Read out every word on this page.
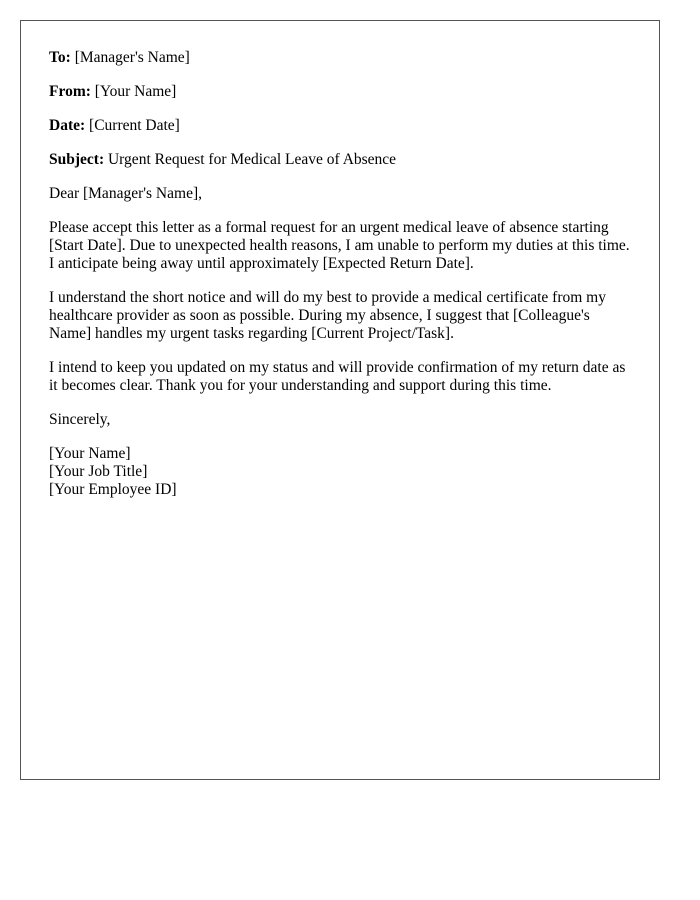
To: [Manager's Name]
From: [Your Name]
Date: [Current Date]
Subject: Urgent Request for Medical Leave of Absence

Dear [Manager's Name],

Please accept this letter as a formal request for an urgent medical leave of absence starting [Start Date]. Due to unexpected health reasons, I am unable to perform my duties at this time. I anticipate being away until approximately [Expected Return Date].

I understand the short notice and will do my best to provide a medical certificate from my healthcare provider as soon as possible. During my absence, I suggest that [Colleague's Name] handles my urgent tasks regarding [Current Project/Task].

I intend to keep you updated on my status and will provide confirmation of my return date as it becomes clear. Thank you for your understanding and support during this time.

Sincerely,

[Your Name]

[Your Job Title]

[Your Employee ID]
